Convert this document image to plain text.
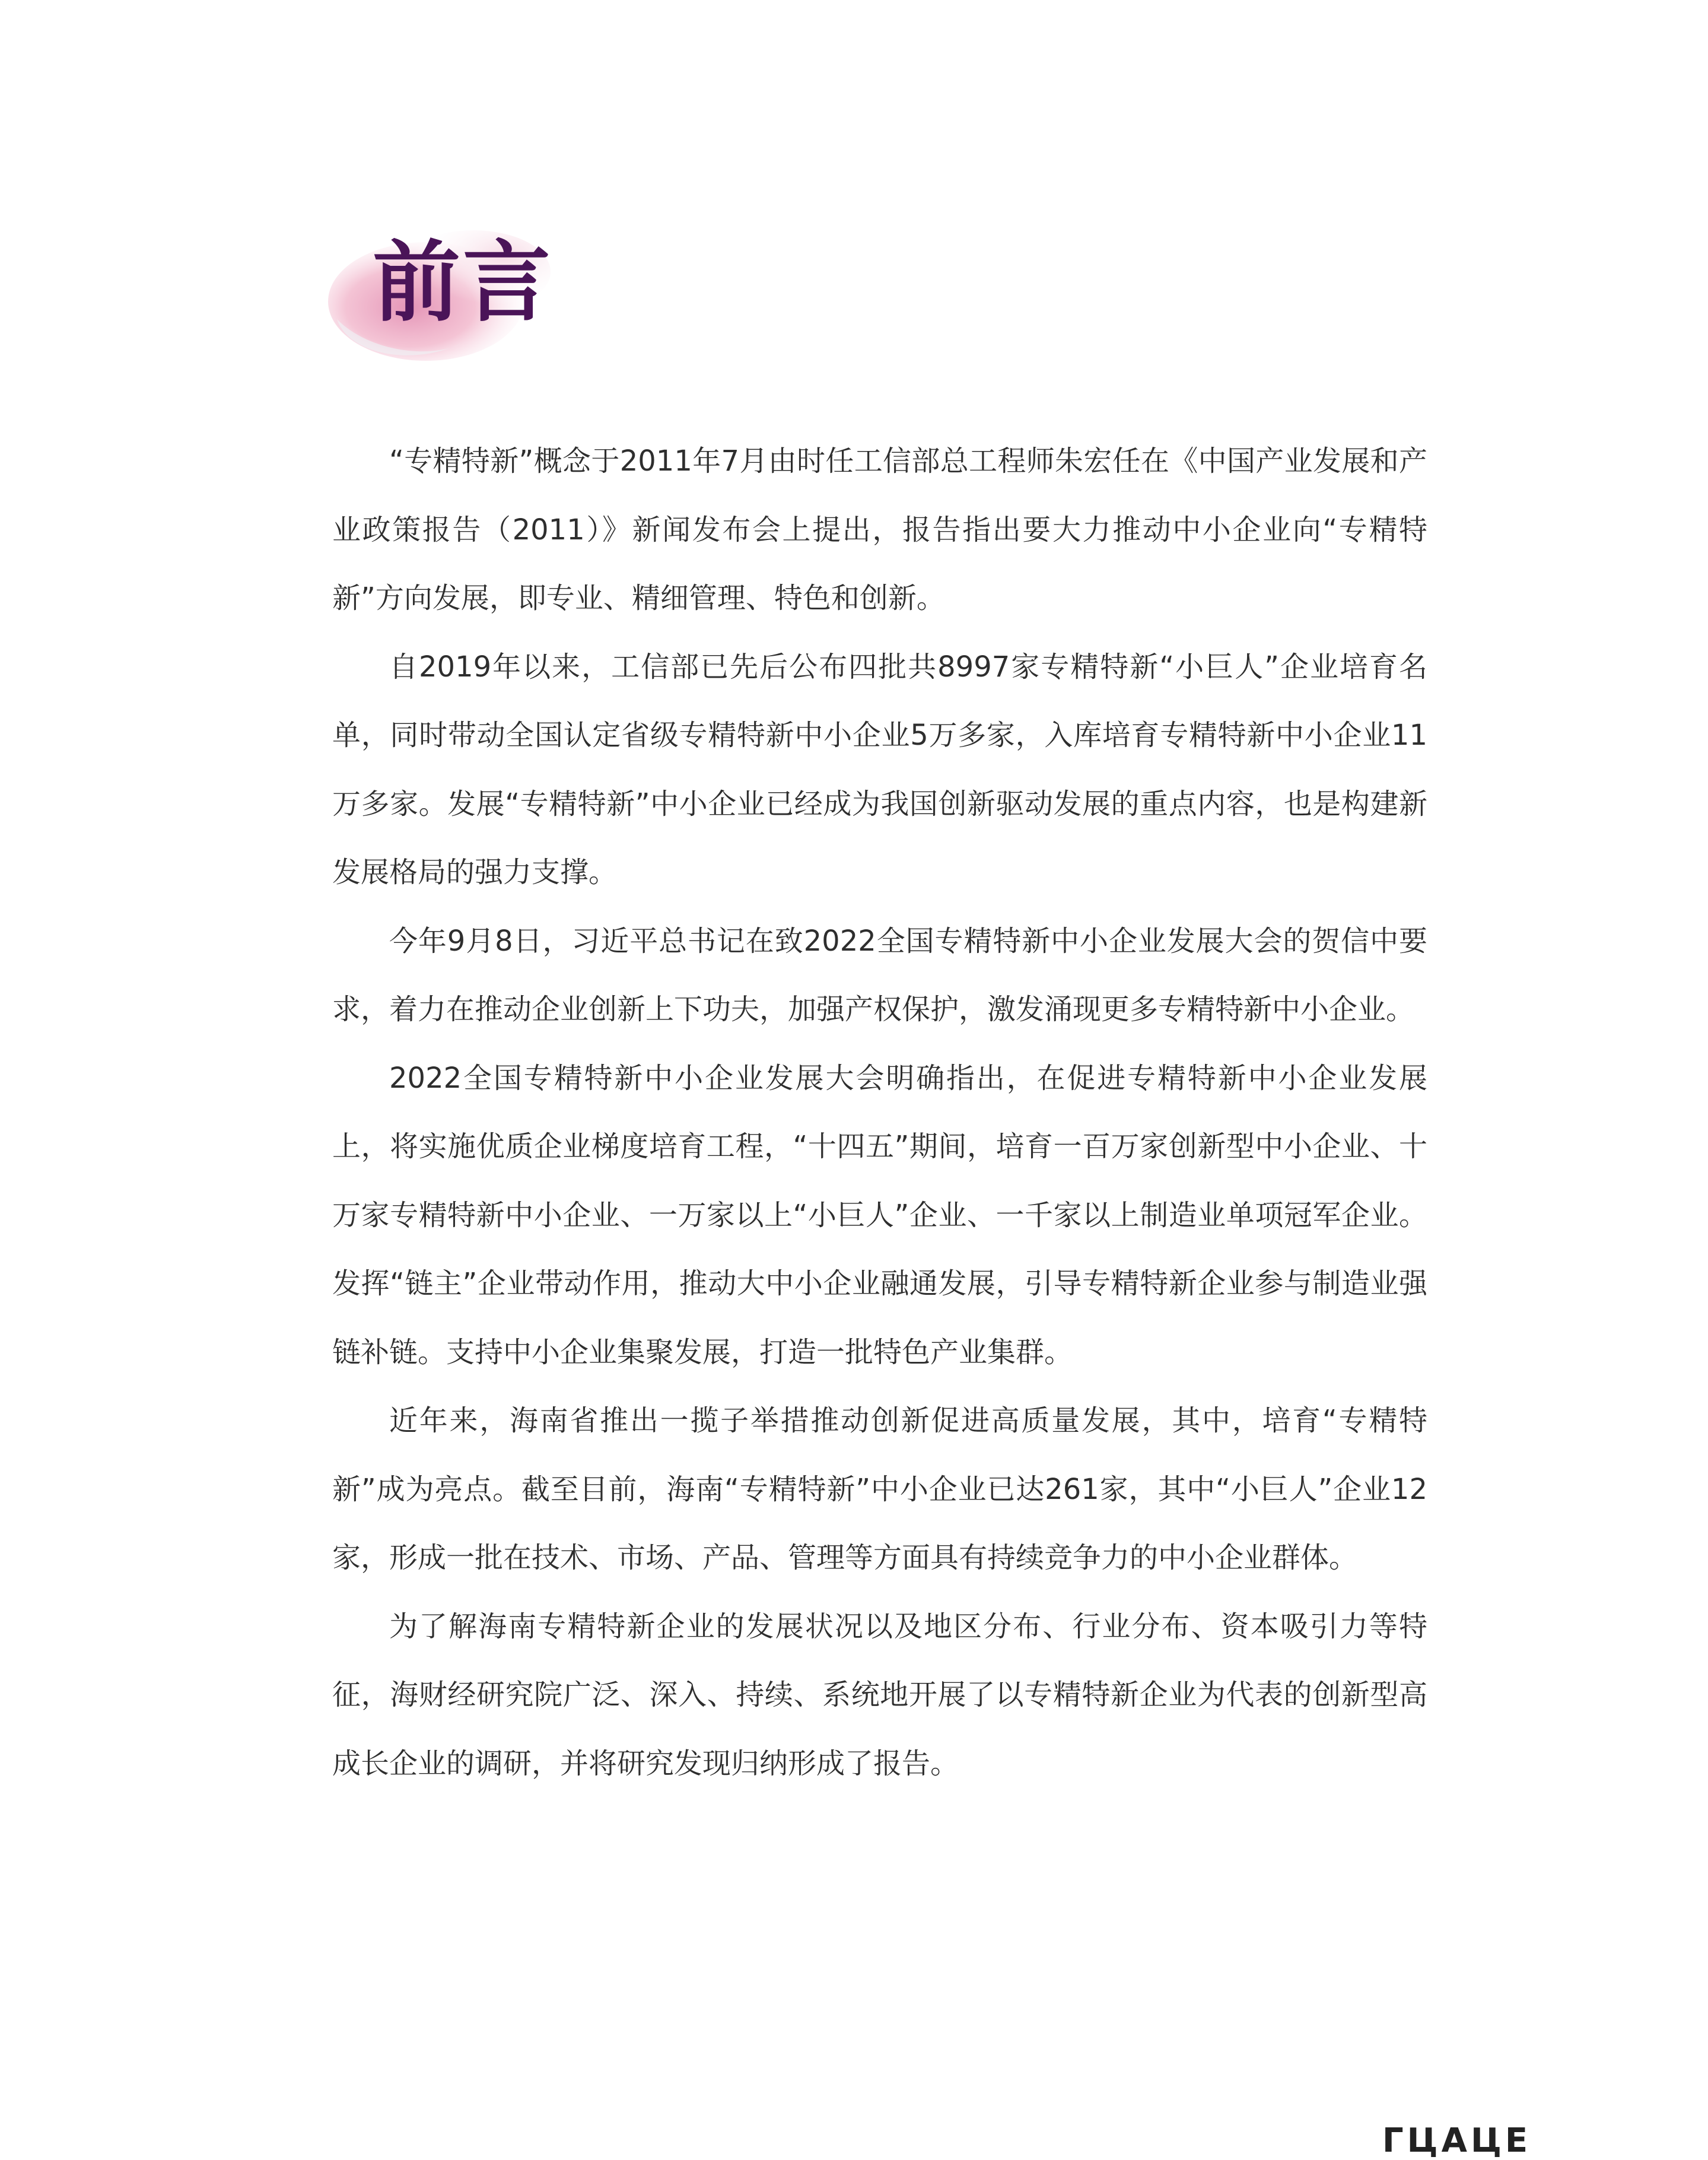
前言

“专精特新”概念于2011年7月由时任工信部总工程师朱宏任在《中国产业发展和产业政策报告（2011）》新闻发布会上提出，报告指出要大力推动中小企业向“专精特新”方向发展，即专业、精细管理、特色和创新。

自2019年以来，工信部已先后公布四批共8997家专精特新“小巨人”企业培育名单，同时带动全国认定省级专精特新中小企业5万多家，入库培育专精特新中小企业11万多家。发展“专精特新”中小企业已经成为我国创新驱动发展的重点内容，也是构建新发展格局的强力支撑。

今年9月8日，习近平总书记在致2022全国专精特新中小企业发展大会的贺信中要求，着力在推动企业创新上下功夫，加强产权保护，激发涌现更多专精特新中小企业。

2022全国专精特新中小企业发展大会明确指出，在促进专精特新中小企业发展上，将实施优质企业梯度培育工程，“十四五”期间，培育一百万家创新型中小企业、十万家专精特新中小企业、一万家以上“小巨人”企业、一千家以上制造业单项冠军企业。发挥“链主”企业带动作用，推动大中小企业融通发展，引导专精特新企业参与制造业强链补链。支持中小企业集聚发展，打造一批特色产业集群。

近年来，海南省推出一揽子举措推动创新促进高质量发展，其中，培育“专精特新”成为亮点。截至目前，海南“专精特新”中小企业已达261家，其中“小巨人”企业12家，形成一批在技术、市场、产品、管理等方面具有持续竞争力的中小企业群体。

为了解海南专精特新企业的发展状况以及地区分布、行业分布、资本吸引力等特征，海财经研究院广泛、深入、持续、系统地开展了以专精特新企业为代表的创新型高成长企业的调研，并将研究发现归纳形成了报告。

ГЦАЦЕ
